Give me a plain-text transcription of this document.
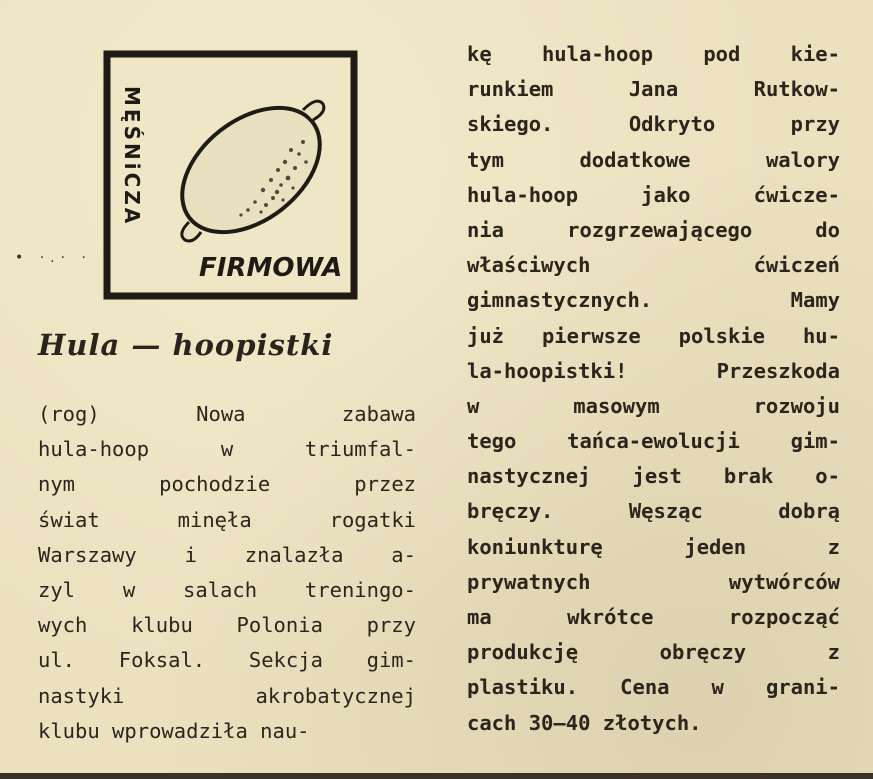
MĘŚNiCZA
FIRMOWA
• ·.· ·
Hula — hoopistki
(rog) Nowa zabawa
hula-hoop w triumfal-
nym pochodzie przez
świat minęła rogatki
Warszawy i znalazła a-
zyl w salach treningo-
wych klubu Polonia przy
ul. Foksal. Sekcja gim-
nastyki akrobatycznej
klubu wprowadziła nau-
kę hula-hoop pod kie-
runkiem Jana Rutkow-
skiego. Odkryto przy
tym dodatkowe walory
hula-hoop jako ćwicze-
nia rozgrzewającego do
właściwych ćwiczeń
gimnastycznych. Mamy
już pierwsze polskie hu-
la-hoopistki! Przeszkoda
w masowym rozwoju
tego tańca-ewolucji gim-
nastycznej jest brak o-
bręczy. Węsząc dobrą
koniunkturę jeden z
prywatnych wytwórców
ma wkrótce rozpocząć
produkcję obręczy z
plastiku. Cena w grani-
cach 30—40 złotych.
